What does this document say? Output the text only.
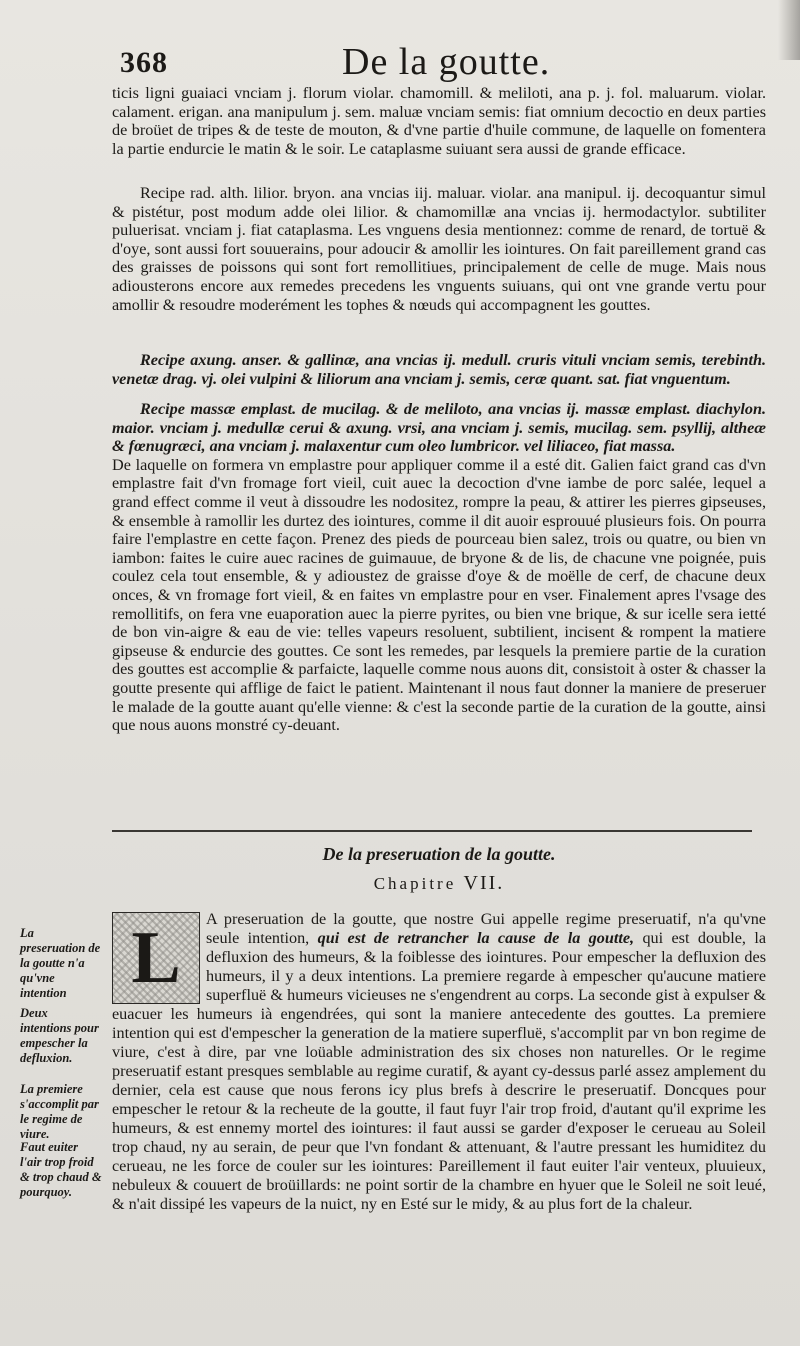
368	De la goutte.

ticis ligni guaiaci vnciam j. florum violar. chamomill. & meliloti, ana p. j. fol. maluarum. violar. calament. erigan. ana manipulum j. sem. maluæ vnciam semis: fiat omnium decoctio en deux parties de broüet de tripes & de teste de mouton, & d'vne partie d'huile commune, de laquelle on fomentera la partie endurcie le matin & le soir. Le cataplasme suiuant sera aussi de grande efficace.

Recipe rad. alth. lilior. bryon. ana vncias iij. maluar. violar. ana manipul. ij. decoquantur simul & pistétur, post modum adde olei lilior. & chamomillæ ana vncias ij. hermodactylor. subtiliter puluerisat. vnciam j. fiat cataplasma. Les vnguens desia mentionnez: comme de renard, de tortuë & d'oye, sont aussi fort souuerains, pour adoucir & amollir les iointures. On fait pareillement grand cas des graisses de poissons qui sont fort remollitiues, principalement de celle de muge. Mais nous adiousterons encore aux remedes precedens les vnguents suiuans, qui ont vne grande vertu pour amollir & resoudre moderément les tophes & nœuds qui accompagnent les gouttes.

Recipe axung. anser. & gallinæ, ana vncias ij. medull. cruris vituli vnciam semis, terebinth. venetæ drag. vj. olei vulpini & liliorum ana vnciam j. semis, ceræ quant. sat. fiat vnguentum.

Recipe massæ emplast. de mucilag. & de meliloto, ana vncias ij. massæ emplast. diachylon. maior. vnciam j. medullæ cerui & axung. vrsi, ana vnciam j. semis, mucilag. sem. psyllij, altheæ & fœnugræci, ana vnciam j. malaxentur cum oleo lumbricor. vel liliaceo, fiat massa.

De laquelle on formera vn emplastre pour appliquer comme il a esté dit. Galien faict grand cas d'vn emplastre fait d'vn fromage fort vieil, cuit auec la decoction d'vne iambe de porc salée, lequel a grand effect comme il veut à dissoudre les nodositez, rompre la peau, & attirer les pierres gipseuses, & ensemble à ramollir les durtez des iointures, comme il dit auoir esprouué plusieurs fois. On pourra faire l'emplastre en cette façon. Prenez des pieds de pourceau bien salez, trois ou quatre, ou bien vn iambon: faites le cuire auec racines de guimauue, de bryone & de lis, de chacune vne poignée, puis coulez cela tout ensemble, & y adioustez de graisse d'oye & de moëlle de cerf, de chacune deux onces, & vn fromage fort vieil, & en faites vn emplastre pour en vser. Finalement apres l'vsage des remollitifs, on fera vne euaporation auec la pierre pyrites, ou bien vne brique, & sur icelle sera ietté de bon vin-aigre & eau de vie: telles vapeurs resoluent, subtilient, incisent & rompent la matiere gipseuse & endurcie des gouttes. Ce sont les remedes, par lesquels la premiere partie de la curation des gouttes est accomplie & parfaicte, laquelle comme nous auons dit, consistoit à oster & chasser la goutte presente qui afflige de faict le patient. Maintenant il nous faut donner la maniere de preseruer le malade de la goutte auant qu'elle vienne: & c'est la seconde partie de la curation de la goutte, ainsi que nous auons monstré cy-deuant.

De la preseruation de la goutte.
Chapitre VII.
L	A preseruation de la goutte, que nostre Gui appelle regime preseruatif, n'a qu'vne seule intention, qui est de retrancher la cause de la goutte, qui est double, la defluxion des humeurs, & la foiblesse des iointures. Pour empescher la defluxion des humeurs, il y a deux intentions. La premiere regarde à empescher qu'aucune matiere superfluë & humeurs vicieuses ne s'engendrent au corps. La seconde gist à expulser & euacuer les humeurs ià engendrées, qui sont la maniere antecedente des gouttes. La premiere intention qui est d'empescher la generation de la matiere superfluë, s'accomplit par vn bon regime de viure, c'est à dire, par vne loüable administration des six choses non naturelles. Or le regime preseruatif estant presques semblable au regime curatif, & ayant cy-dessus parlé assez amplement du dernier, cela est cause que nous ferons icy plus brefs à descrire le preseruatif. Doncques pour empescher le retour & la recheute de la goutte, il faut fuyr l'air trop froid, d'autant qu'il exprime les humeurs, & est ennemy mortel des iointures: il faut aussi se garder d'exposer le cerueau au Soleil trop chaud, ny au serain, de peur que l'vn fondant & attenuant, & l'autre pressant les humiditez du cerueau, ne les force de couler sur les iointures: Pareillement il faut euiter l'air venteux, pluuieux, nebuleux & couuert de broüillards: ne point sortir de la chambre en hyuer que le Soleil ne soit leué, & n'ait dissipé les vapeurs de la nuict, ny en Esté sur le midy, & au plus fort de la chaleur.
La preseruation de la goutte n'a qu'vne intention
Deux intentions pour empescher la defluxion.
La premiere s'accomplit par le regime de viure.
Faut euiter l'air trop froid & trop chaud & pourquoy.
